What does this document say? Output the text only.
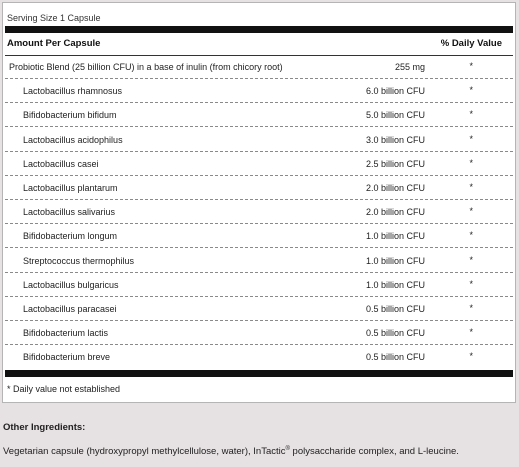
Serving Size 1 Capsule
Amount Per Capsule	% Daily Value
Probiotic Blend (25 billion CFU) in a base of inulin (from chicory root)	255 mg	*
Lactobacillus rhamnosus	6.0 billion CFU	*
Bifidobacterium bifidum	5.0 billion CFU	*
Lactobacillus acidophilus	3.0 billion CFU	*
Lactobacillus casei	2.5 billion CFU	*
Lactobacillus plantarum	2.0 billion CFU	*
Lactobacillus salivarius	2.0 billion CFU	*
Bifidobacterium longum	1.0 billion CFU	*
Streptococcus thermophilus	1.0 billion CFU	*
Lactobacillus bulgaricus	1.0 billion CFU	*
Lactobacillus paracasei	0.5 billion CFU	*
Bifidobacterium lactis	0.5 billion CFU	*
Bifidobacterium breve	0.5 billion CFU	*
* Daily value not established
Other Ingredients:
Vegetarian capsule (hydroxypropyl methylcellulose, water), InTactic® polysaccharide complex, and L-leucine.
